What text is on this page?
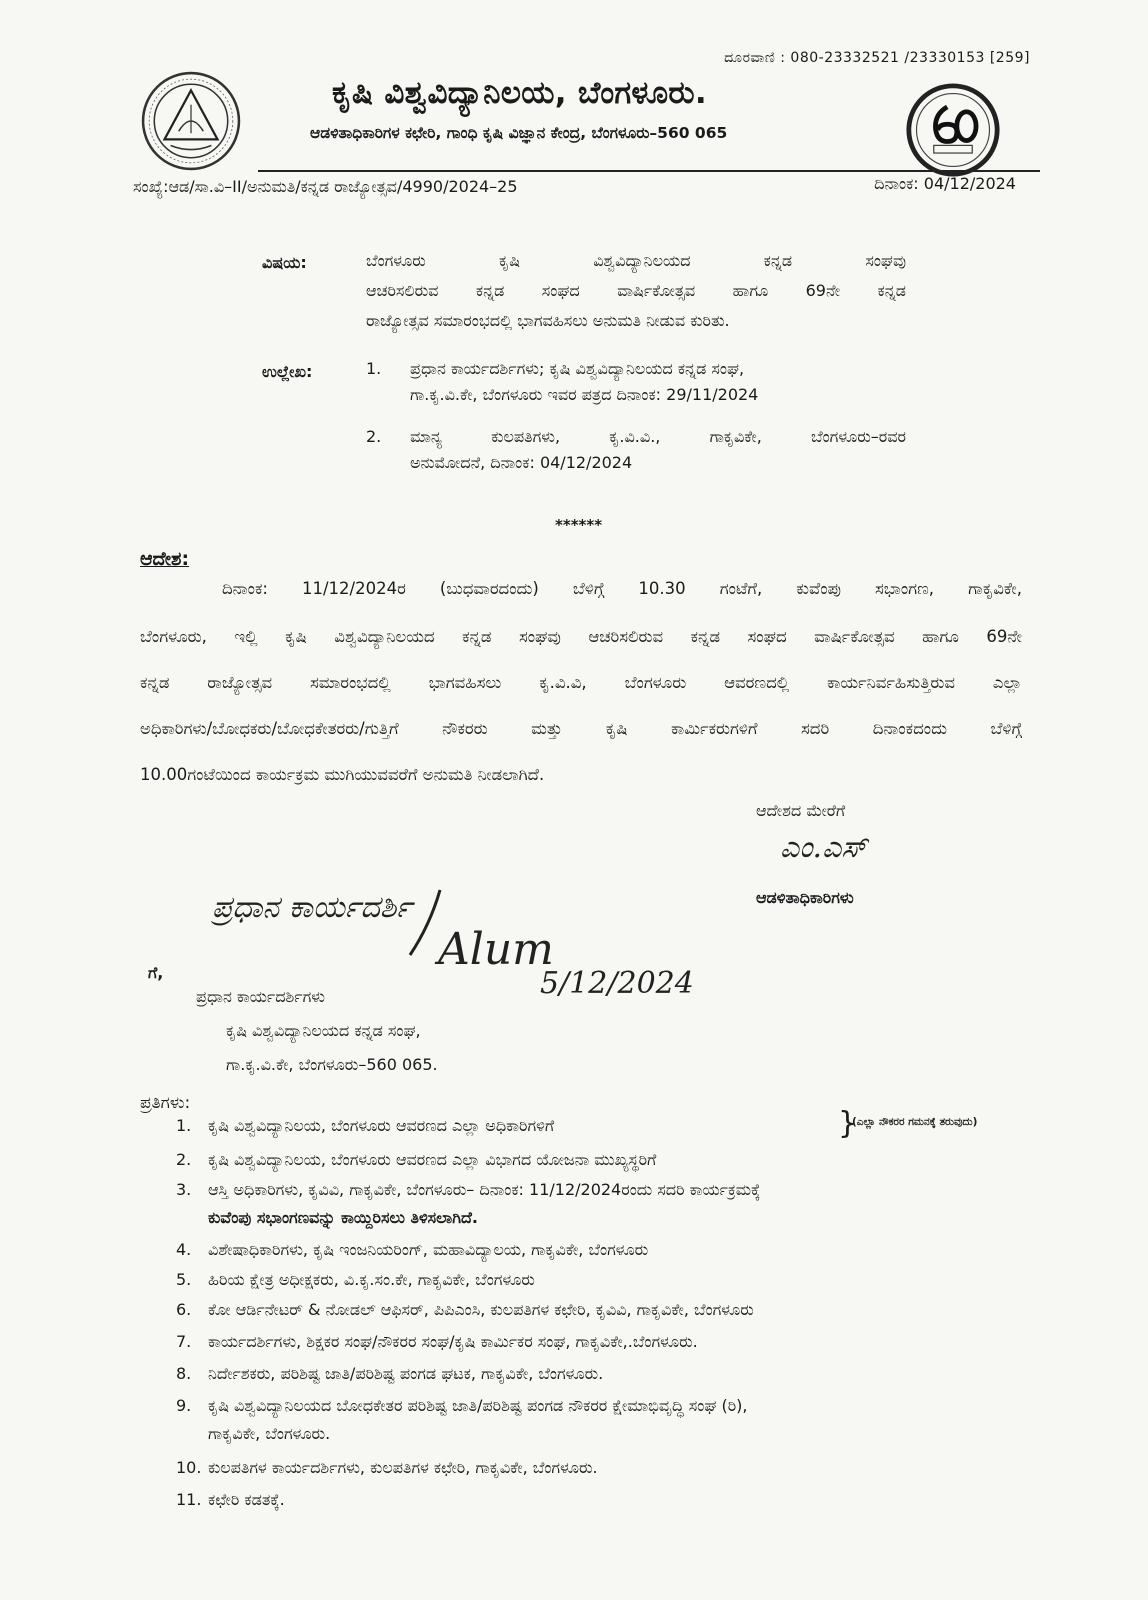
ದೂರವಾಣಿ : 080-23332521 /23330153 [259]
ಕೃಷಿ ವಿಶ್ವವಿದ್ಯಾನಿಲಯ, ಬೆಂಗಳೂರು.
ಆಡಳಿತಾಧಿಕಾರಿಗಳ ಕಛೇರಿ, ಗಾಂಧಿ ಕೃಷಿ ವಿಜ್ಞಾನ ಕೇಂದ್ರ, ಬೆಂಗಳೂರು–560 065
ಸಂಖ್ಯೆ:ಆಡ/ಸಾ.ವಿ–II/ಅನುಮತಿ/ಕನ್ನಡ ರಾಜ್ಯೋತ್ಸವ/4990/2024–25	ದಿನಾಂಕ: 04/12/2024
ವಿಷಯ:	ಬೆಂಗಳೂರು ಕೃಷಿ ವಿಶ್ವವಿದ್ಯಾನಿಲಯದ ಕನ್ನಡ ಸಂಘವು
ಆಚರಿಸಲಿರುವ ಕನ್ನಡ ಸಂಘದ ವಾರ್ಷಿಕೋತ್ಸವ ಹಾಗೂ 69ನೇ ಕನ್ನಡ
ರಾಜ್ಯೋತ್ಸವ ಸಮಾರಂಭದಲ್ಲಿ ಭಾಗವಹಿಸಲು ಅನುಮತಿ ನೀಡುವ ಕುರಿತು.
ಉಲ್ಲೇಖ:	1. ಪ್ರಧಾನ ಕಾರ್ಯದರ್ಶಿಗಳು; ಕೃಷಿ ವಿಶ್ವವಿದ್ಯಾನಿಲಯದ ಕನ್ನಡ ಸಂಘ,
ಗಾ.ಕೃ.ವಿ.ಕೇ, ಬೆಂಗಳೂರು ಇವರ ಪತ್ರದ ದಿನಾಂಕ: 29/11/2024
2. ಮಾನ್ಯ ಕುಲಪತಿಗಳು, ಕೃ.ವಿ.ವಿ., ಗಾಕೃವಿಕೇ, ಬೆಂಗಳೂರು–ರವರ
ಅನುಮೋದನೆ, ದಿನಾಂಕ: 04/12/2024
******
ಆದೇಶ:
ದಿನಾಂಕ: 11/12/2024ರ (ಬುಧವಾರದಂದು) ಬೆಳಿಗ್ಗೆ 10.30 ಗಂಟೆಗೆ, ಕುವೆಂಪು ಸಭಾಂಗಣ, ಗಾಕೃವಿಕೇ,
ಬೆಂಗಳೂರು, ಇಲ್ಲಿ ಕೃಷಿ ವಿಶ್ವವಿದ್ಯಾನಿಲಯದ ಕನ್ನಡ ಸಂಘವು ಆಚರಿಸಲಿರುವ ಕನ್ನಡ ಸಂಘದ ವಾರ್ಷಿಕೋತ್ಸವ ಹಾಗೂ 69ನೇ
ಕನ್ನಡ ರಾಜ್ಯೋತ್ಸವ ಸಮಾರಂಭದಲ್ಲಿ ಭಾಗವಹಿಸಲು ಕೃ.ವಿ.ವಿ, ಬೆಂಗಳೂರು ಆವರಣದಲ್ಲಿ ಕಾರ್ಯನಿರ್ವಹಿಸುತ್ತಿರುವ ಎಲ್ಲಾ
ಅಧಿಕಾರಿಗಳು/ಬೋಧಕರು/ಬೋಧಕೇತರರು/ಗುತ್ತಿಗೆ ನೌಕರರು ಮತ್ತು ಕೃಷಿ ಕಾರ್ಮಿಕರುಗಳಿಗೆ ಸದರಿ ದಿನಾಂಕದಂದು ಬೆಳಿಗ್ಗೆ
10.00ಗಂಟೆಯಿಂದ ಕಾರ್ಯಕ್ರಮ ಮುಗಿಯುವವರೆಗೆ ಅನುಮತಿ ನೀಡಲಾಗಿದೆ.
ಆದೇಶದ ಮೇರೆಗೆ
ಎಂ.ಎಸ್
ಆಡಳಿತಾಧಿಕಾರಿಗಳು
ಪ್ರಧಾನ ಕಾರ್ಯದರ್ಶಿ
Alum
5/12/2024
ಗೆ,
ಪ್ರಧಾನ ಕಾರ್ಯದರ್ಶಿಗಳು
ಕೃಷಿ ವಿಶ್ವವಿದ್ಯಾನಿಲಯದ ಕನ್ನಡ ಸಂಘ,
ಗಾ.ಕೃ.ವಿ.ಕೇ, ಬೆಂಗಳೂರು–560 065.
ಪ್ರತಿಗಳು:
1. ಕೃಷಿ ವಿಶ್ವವಿದ್ಯಾನಿಲಯ, ಬೆಂಗಳೂರು ಆವರಣದ ಎಲ್ಲಾ ಅಧಿಕಾರಿಗಳಿಗೆ	}
(ಎಲ್ಲಾ ನೌಕರರ ಗಮನಕ್ಕೆ ತರುವುದು)
2. ಕೃಷಿ ವಿಶ್ವವಿದ್ಯಾನಿಲಯ, ಬೆಂಗಳೂರು ಆವರಣದ ಎಲ್ಲಾ ವಿಭಾಗದ ಯೋಜನಾ ಮುಖ್ಯಸ್ಥರಿಗೆ
3. ಆಸ್ತಿ ಅಧಿಕಾರಿಗಳು, ಕೃವಿವಿ, ಗಾಕೃವಿಕೇ, ಬೆಂಗಳೂರು– ದಿನಾಂಕ: 11/12/2024ರಂದು ಸದರಿ ಕಾರ್ಯಕ್ರಮಕ್ಕೆ
ಕುವೆಂಪು ಸಭಾಂಗಣವನ್ನು ಕಾಯ್ದಿರಿಸಲು ತಿಳಿಸಲಾಗಿದೆ.
4. ವಿಶೇಷಾಧಿಕಾರಿಗಳು, ಕೃಷಿ ಇಂಜನಿಯರಿಂಗ್, ಮಹಾವಿದ್ಯಾಲಯ, ಗಾಕೃವಿಕೇ, ಬೆಂಗಳೂರು
5. ಹಿರಿಯ ಕ್ಷೇತ್ರ ಅಧೀಕ್ಷಕರು, ವಿ.ಕೃ.ಸಂ.ಕೇ, ಗಾಕೃವಿಕೇ, ಬೆಂಗಳೂರು
6. ಕೋ ಆರ್ಡಿನೇಟರ್ & ನೋಡಲ್ ಆಫಿಸರ್, ಪಿಪಿಎಂಸಿ, ಕುಲಪತಿಗಳ ಕಛೇರಿ, ಕೃವಿವಿ, ಗಾಕೃವಿಕೇ, ಬೆಂಗಳೂರು
7. ಕಾರ್ಯದರ್ಶಿಗಳು, ಶಿಕ್ಷಕರ ಸಂಘ/ನೌಕರರ ಸಂಘ/ಕೃಷಿ ಕಾರ್ಮಿಕರ ಸಂಘ, ಗಾಕೃವಿಕೇ,.ಬೆಂಗಳೂರು.
8. ನಿರ್ದೇಶಕರು, ಪರಿಶಿಷ್ಟ ಜಾತಿ/ಪರಿಶಿಷ್ಟ ಪಂಗಡ ಘಟಕ, ಗಾಕೃವಿಕೇ, ಬೆಂಗಳೂರು.
9. ಕೃಷಿ ವಿಶ್ವವಿದ್ಯಾನಿಲಯದ ಬೋಧಕೇತರ ಪರಿಶಿಷ್ಟ ಜಾತಿ/ಪರಿಶಿಷ್ಟ ಪಂಗಡ ನೌಕರರ ಕ್ಷೇಮಾಭಿವೃದ್ಧಿ ಸಂಘ (ರಿ),
ಗಾಕೃವಿಕೇ, ಬೆಂಗಳೂರು.
10. ಕುಲಪತಿಗಳ ಕಾರ್ಯದರ್ಶಿಗಳು, ಕುಲಪತಿಗಳ ಕಛೇರಿ, ಗಾಕೃವಿಕೇ, ಬೆಂಗಳೂರು.
11. ಕಛೇರಿ ಕಡತಕ್ಕೆ.
